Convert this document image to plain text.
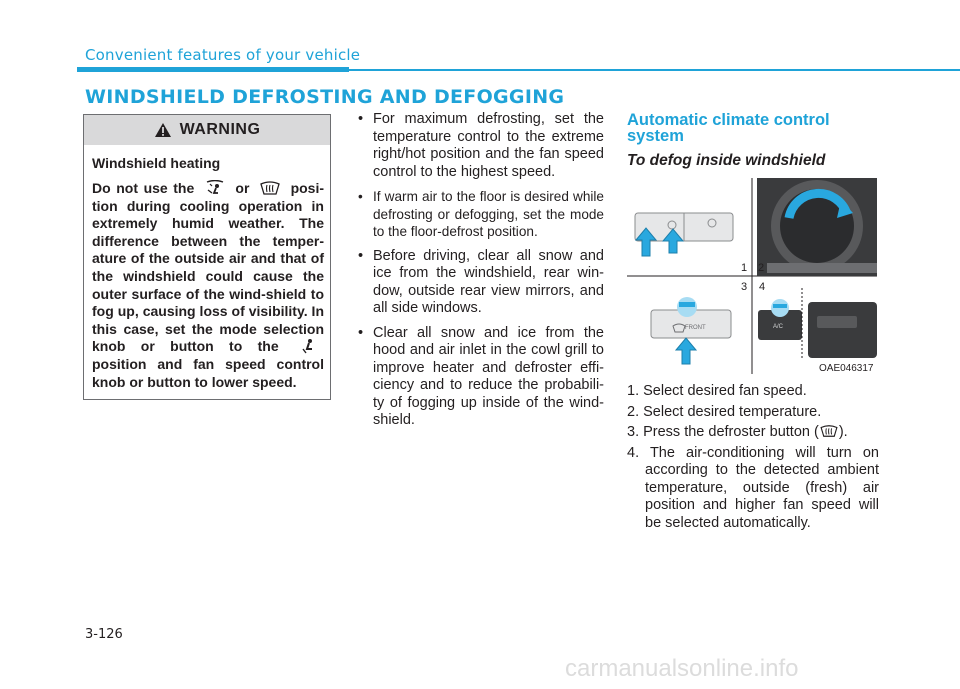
Convenient features of your vehicle
WINDSHIELD DEFROSTING AND DEFOGGING
WARNING
Windshield heating
Do not use the	or	posi-tion during cooling operation in extremely humid weather. The difference between the temper-ature of the outside air and that of the windshield could cause the outer surface of the wind-shield to fog up, causing loss of visibility. In this case, set the mode selection knob or button to the  position and fan speed control knob or button to lower speed.
• For maximum defrosting, set the temperature control to the extreme right/hot position and the fan speed control to the highest speed.
• If warm air to the floor is desired while defrosting or defogging, set the mode to the floor-defrost position.
• Before driving, clear all snow and ice from the windshield, rear win-dow, outside rear view mirrors, and all side windows.
• Clear all snow and ice from the hood and air inlet in the cowl grill to improve heater and defroster effi-ciency and to reduce the probabili-ty of fogging up inside of the wind-shield.
Automatic climate control system
To defog inside windshield
1 2
3 4
FRONT	A/C
OAE046317
1. Select desired fan speed.
2. Select desired temperature.
3. Press the defroster button ( ).
4. The air-conditioning will turn on according to the detected ambient temperature, outside (fresh) air position and higher fan speed will be selected automatically.
3-126
carmanualsonline.info
